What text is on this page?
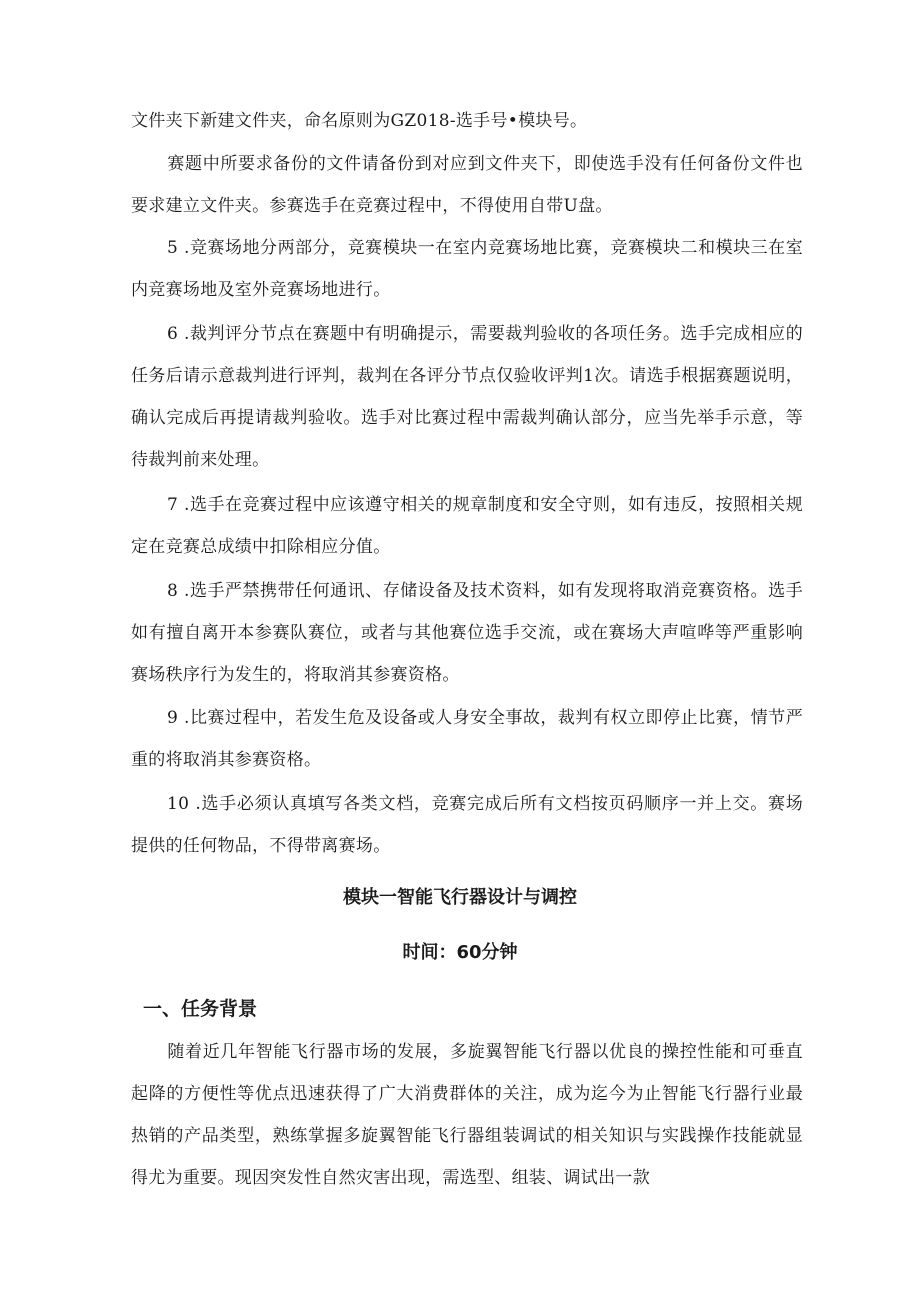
文件夹下新建文件夹，命名原则为GZ018-选手号•模块号。

赛题中所要求备份的文件请备份到对应到文件夹下，即使选手没有任何备份文件也要求建立文件夹。参赛选手在竞赛过程中，不得使用自带U盘。

5 .竞赛场地分两部分，竞赛模块一在室内竞赛场地比赛，竞赛模块二和模块三在室内竞赛场地及室外竞赛场地进行。

6 .裁判评分节点在赛题中有明确提示，需要裁判验收的各项任务。选手完成相应的任务后请示意裁判进行评判，裁判在各评分节点仅验收评判1次。请选手根据赛题说明，确认完成后再提请裁判验收。选手对比赛过程中需裁判确认部分，应当先举手示意，等待裁判前来处理。

7 .选手在竞赛过程中应该遵守相关的规章制度和安全守则，如有违反，按照相关规定在竞赛总成绩中扣除相应分值。

8 .选手严禁携带任何通讯、存储设备及技术资料，如有发现将取消竞赛资格。选手如有擅自离开本参赛队赛位，或者与其他赛位选手交流，或在赛场大声喧哗等严重影响赛场秩序行为发生的，将取消其参赛资格。

9 .比赛过程中，若发生危及设备或人身安全事故，裁判有权立即停止比赛，情节严重的将取消其参赛资格。

10 .选手必须认真填写各类文档，竞赛完成后所有文档按页码顺序一并上交。赛场提供的任何物品，不得带离赛场。

模块一智能飞行器设计与调控
时间：60分钟
一、任务背景

随着近几年智能飞行器市场的发展，多旋翼智能飞行器以优良的操控性能和可垂直起降的方便性等优点迅速获得了广大消费群体的关注，成为迄今为止智能飞行器行业最热销的产品类型，熟练掌握多旋翼智能飞行器组装调试的相关知识与实践操作技能就显得尤为重要。现因突发性自然灾害出现，需选型、组装、调试出一款
